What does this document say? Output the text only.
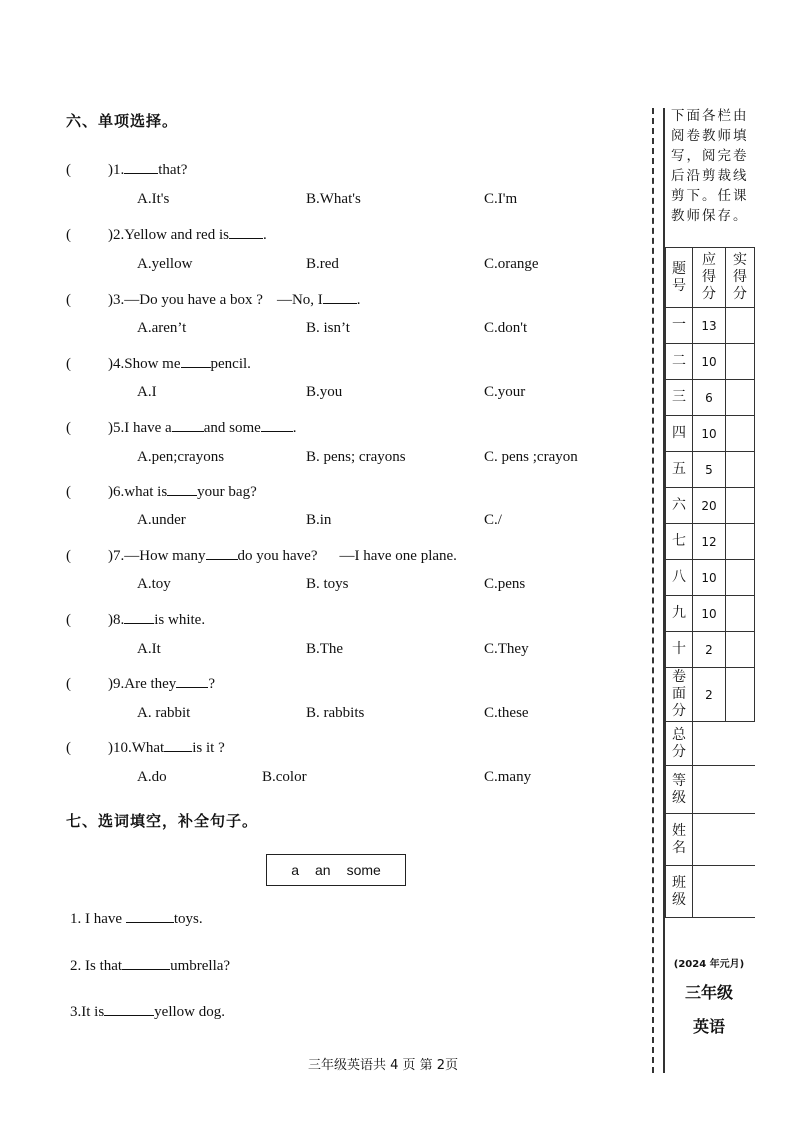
六、单项选择。
( )1. that?
A.It's	B.What's	C.I'm
( )2.Yellow and red is .
A.yellow	B.red	C.orange
( )3.—Do you have a box ? —No, I .
A.aren’t	B. isn’t	C.don't
( )4.Show me pencil.
A.I	B.you	C.your
( )5.I have a and some .
A.pen;crayons	B. pens; crayons	C. pens ;crayon
( )6.what is your bag?
A.under	B.in	C./
( )7.—How many do you have? —I have one plane.
A.toy	B. toys	C.pens
( )8. is white.
A.It	B.The	C.They
( )9.Are they ?
A. rabbit	B. rabbits	C.these
( )10.What is it ?
A.do	B.color	C.many
七、选词填空，补全句子。
a an some
1. I have	toys.
2. Is that	umbrella?
3.It is	yellow dog.
三年级英语共 4 页 第 2页
下面各栏由阅卷教师填写，阅完卷后沿剪裁线剪下。任课教师保存。
题
号	应
得
分	实
得
分
一	13	
二	10	
三	6	
四	10	
五	5	
六	20	
七	12	
八	10	
九	10	
十	2	
卷
面
分	2	
总
分		
等
级		
姓
名		
班
级		
(2024 年元月)
三年级
英语
